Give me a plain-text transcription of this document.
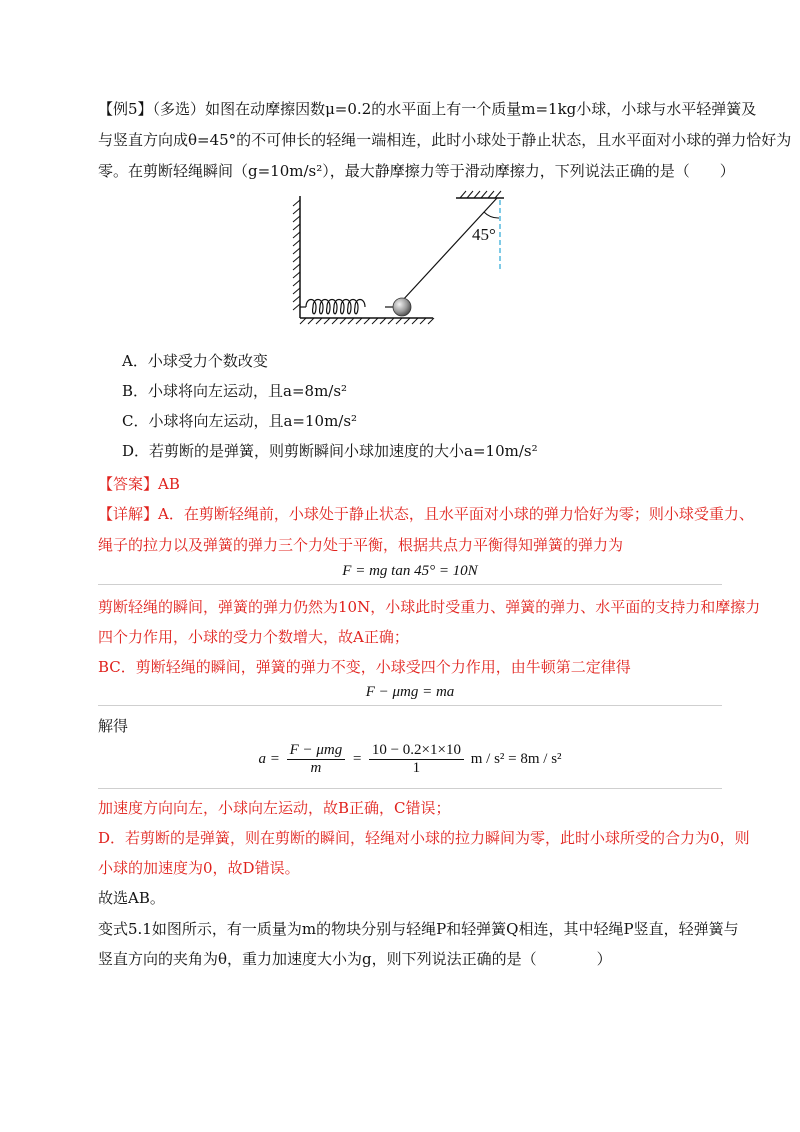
【例5】（多选）如图在动摩擦因数μ=0.2的水平面上有一个质量m=1kg小球，小球与水平轻弹簧及
与竖直方向成θ=45°的不可伸长的轻绳一端相连，此时小球处于静止状态，且水平面对小球的弹力恰好为
零。在剪断轻绳瞬间（g=10m/s²），最大静摩擦力等于滑动摩擦力，下列说法正确的是（　　）
45°
A．小球受力个数改变
B．小球将向左运动，且a=8m/s²
C．小球将向左运动，且a=10m/s²
D．若剪断的是弹簧，则剪断瞬间小球加速度的大小a=10m/s²
【答案】AB
【详解】A．在剪断轻绳前，小球处于静止状态，且水平面对小球的弹力恰好为零；则小球受重力、
绳子的拉力以及弹簧的弹力三个力处于平衡，根据共点力平衡得知弹簧的弹力为
F = mg tan 45° = 10N
剪断轻绳的瞬间，弹簧的弹力仍然为10N，小球此时受重力、弹簧的弹力、水平面的支持力和摩擦力
四个力作用，小球的受力个数增大，故A正确；
BC．剪断轻绳的瞬间，弹簧的弹力不变，小球受四个力作用，由牛顿第二定律得
F − μmg = ma
解得
$a = \frac{\text{F − μmg}}{m} = \frac{10 - 0.2\times 1\times 10}{1}$ m / s² = 8m / s²
加速度方向向左，小球向左运动，故B正确，C错误；
D．若剪断的是弹簧，则在剪断的瞬间，轻绳对小球的拉力瞬间为零，此时小球所受的合力为0，则
小球的加速度为0，故D错误。
故选AB。
变式5.1如图所示，有一质量为m的物块分别与轻绳P和轻弹簧Q相连，其中轻绳P竖直，轻弹簧与
竖直方向的夹角为θ，重力加速度大小为g，则下列说法正确的是（　　　　）
